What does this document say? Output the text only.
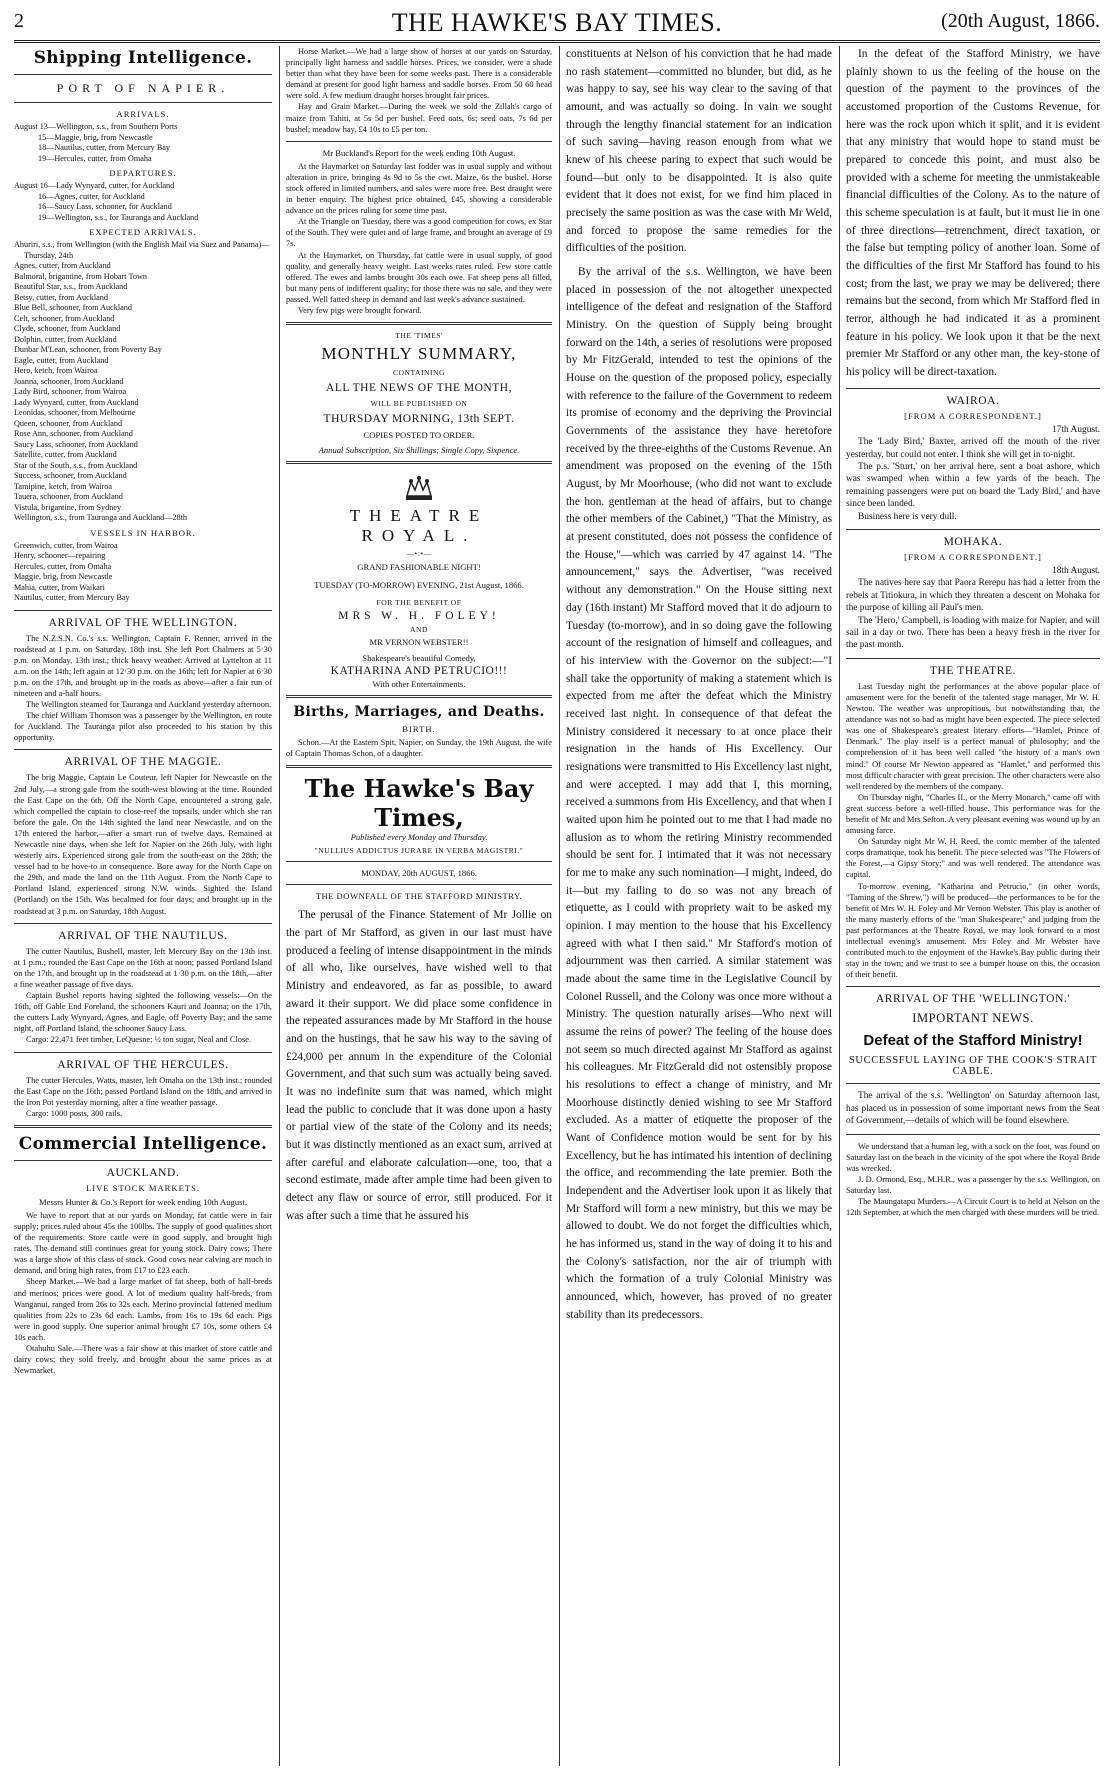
2	THE HAWKE'S BAY TIMES.	(20th August, 1866.
Shipping Intelligence.
PORT OF NAPIER.
ARRIVALS.
August 13—Wellington, s.s., from Southern Ports
15—Maggie, brig, from Newcastle
18—Nautilus, cutter, from Mercury Bay
19—Hercules, cutter, from Omaha
DEPARTURES.
August 16—Lady Wynyard, cutter, for Auckland
16—Agnes, cutter, for Auckland
16—Saucy Lass, schooner, for Auckland
19—Wellington, s.s., for Tauranga and Auckland
EXPECTED ARRIVALS.
Ahuriri, s.s., from Wellington (with the English Mail via Suez and Panama)—Thursday, 24th
Agnes, cutter, from Auckland
Balmoral, brigantine, from Hobart Town
Beautiful Star, s.s., from Auckland
Betsy, cutter, from Auckland
Blue Bell, schooner, from Auckland
Celt, schooner, from Auckland
Clyde, schooner, from Auckland
Dolphin, cutter, from Auckland
Dunbar M'Lean, schooner, from Poverty Bay
Eagle, cutter, from Auckland
Hero, ketch, from Wairoa
Joanna, schooner, from Auckland
Lady Bird, schooner, from Wairoa
Lady Wynyard, cutter, from Auckland
Leonidas, schooner, from Melbourne
Queen, schooner, from Auckland
Rose Ann, schooner, from Auckland
Saucy Lass, schooner, from Auckland
Satellite, cutter, from Auckland
Star of the South, s.s., from Auckland
Success, schooner, from Auckland
Tamipine, ketch, from Wairoa
Tauera, schooner, from Auckland
Vistula, brigantine, from Sydney
Wellington, s.s., from Tauranga and Auckland—28th
VESSELS IN HARBOR.
Greenwich, cutter, from Wairoa
Henry, schooner—repairing
Hercules, cutter, from Omaha
Maggie, brig, from Newcastle
Mahia, cutter, from Waikari
Nautilus, cutter, from Mercury Bay
ARRIVAL OF THE WELLINGTON.

The N.Z.S.N. Co.'s s.s. Wellington, Captain F. Renner, arrived in the roadstead at 1 p.m. on Saturday, 18th inst. She left Port Chalmers at 5·30 p.m. on Monday, 13th inst.; thick heavy weather. Arrived at Lyttelton at 11 a.m. on the 14th; left again at 12·30 p.m. on the 16th; left for Napier at 6·30 p.m. on the 17th, and brought up in the roads as above—after a fair run of nineteen and a-half hours.

The Wellington steamed for Tauranga and Auckland yesterday afternoon.

The chief William Thomson was a passenger by the Wellington, en route for Auckland. The Tauranga pilot also proceeded to his station by this opportunity.

ARRIVAL OF THE MAGGIE.

The brig Maggie, Captain Le Couteur, left Napier for Newcastle on the 2nd July,—a strong gale from the south-west blowing at the time. Rounded the East Cape on the 6th. Off the North Cape, encountered a strong gale, which compelled the captain to close-reef the topsails, under which she ran before the gale. On the 14th sighted the land near Newcastle, and on the 17th entered the harbor,—after a smart run of twelve days. Remained at Newcastle nine days, when she left for Napier on the 26th July, with light westerly airs. Experienced strong gale from the south-east on the 28th; the vessel had to be hove-to in consequence. Bore away for the North Cape on the 29th, and made the land on the 11th August. From the North Cape to Portland Island, experienced strong N.W. winds. Sighted the Island (Portland) on the 15th. Was becalmed for four days; and brought up in the roadstead at 3 p.m. on Saturday, 18th August.

ARRIVAL OF THE NAUTILUS.

The cutter Nautilus, Bushell, master, left Mercury Bay on the 13th inst. at 1 p.m.; rounded the East Cape on the 16th at noon; passed Portland Island on the 17th, and brought up in the roadstead at 1·30 p.m. on the 18th,—after a fine weather passage of five days.

Captain Bushel reports having sighted the following vessels:—On the 16th, off Gable End Foreland, the schooners Kauri and Joanna; on the 17th, the cutters Lady Wynyard, Agnes, and Eagle, off Poverty Bay; and the same night, off Portland Island, the schooner Saucy Lass.

Cargo: 22,471 feet timber, LeQuesne; ½ ton sugar, Neal and Close.

ARRIVAL OF THE HERCULES.

The cutter Hercules, Watts, master, left Omaha on the 13th inst.; rounded the East Cape on the 16th; passed Portland Island on the 18th, and arrived in the Iron Pot yesterday morning, after a fine weather passage.

Cargo: 1000 posts, 300 rails.

Commercial Intelligence.
AUCKLAND.
LIVE STOCK MARKETS.
Messrs Hunter & Co.'s Report for week ending 10th August.

We have to report that at our yards on Monday, fat cattle were in fair supply; prices ruled about 45s the 100lbs. The supply of good qualities short of the requirements. Store cattle were in good supply, and brought high rates. The demand still continues great for young stock. Dairy cows; There was a large show of this class of stock. Good cows near calving are much in demand, and bring high rates, from £17 to £23 each.

Sheep Market.—We had a large market of fat sheep, both of half-breds and merinos; prices were good. A lot of medium quality half-breds, from Wanganui, ranged from 26s to 32s each. Merino provincial fattened medium qualities from 22s to 23s 6d each. Lambs, from 16s to 19s 6d each. Pigs were in good supply. One superior animal brought £7 10s, some others £4 10s each.

Otahuhu Sale.—There was a fair show at this market of store cattle and dairy cows; they sold freely, and brought about the same prices as at Newmarket.

Horse Market.—We had a large show of horses at our yards on Saturday, principally light harness and saddle horses. Prices, we consider, were a shade better than what they have been for some weeks past. There is a considerable demand at present for good light harness and saddle horses. From 50 60 head were sold. A few medium draught horses brought fair prices.

Hay and Grain Market.—During the week we sold the Zillah's cargo of maize from Tahiti, at 5s 5d per bushel. Feed oats, 6s; seed oats, 7s 6d per bushel; meadow hay, £4 10s to £5 per ton.

Mr Buckland's Report for the week ending 10th August.

At the Haymarket on Saturday last fodder was in usual supply and without alteration in price, bringing 4s 9d to 5s the cwt. Maize, 6s the bushel. Horse stock offered in limited numbers, and sales were more free. Best draught were in better enquiry. The highest price obtained, £45, showing a considerable advance on the prices ruling for some time past.

At the Triangle on Tuesday, there was a good competition for cows, ex Star of the South. They were quiet and of large frame, and brought an average of £9 7s.

At the Haymarket, on Thursday, fat cattle were in usual supply, of good quality, and generally heavy weight. Last weeks rates ruled. Few store cattle offered. The ewes and lambs brought 30s each owe. Fat sheep pens all filled, but many pens of indifferent quality; for those there was no sale, and they were passed. Well fatted sheep in demand and last week's advance sustained.

Very few pigs were brought forward.

THE 'TIMES'

MONTHLY SUMMARY,

CONTAINING

ALL THE NEWS OF THE MONTH,

WILL BE PUBLISHED ON

THURSDAY MORNING, 13th SEPT.

COPIES POSTED TO ORDER.

Annual Subscription, Six Shillings; Single Copy, Sixpence.

THEATRE ROYAL.

—•:•—

GRAND FASHIONABLE NIGHT!

TUESDAY (TO-MORROW) EVENING, 21st August, 1866.

FOR THE BENEFIT OF

MRS W. H. FOLEY!

AND

MR VERNON WEBSTER!!

Shakespeare's beautiful Comedy,

KATHARINA AND PETRUCIO!!!

With other Entertainments.

Births, Marriages, and Deaths.
BIRTH.

Schon.—At the Eastern Spit, Napier, on Sunday, the 19th August, the wife of Captain Thomas Schon, of a daughter.

The Hawke's Bay Times,

Published every Monday and Thursday.

"NULLIUS ADDICTUS JURARE IN VERBA MAGISTRI."

MONDAY, 20th AUGUST, 1866.

THE DOWNFALL OF THE STAFFORD MINISTRY.

The perusal of the Finance Statement of Mr Jollie on the part of Mr Stafford, as given in our last must have produced a feeling of intense disappointment in the minds of all who, like ourselves, have wished well to that Ministry and endeavored, as far as possible, to award award it their support. We did place some confidence in the repeated assurances made by Mr Stafford in the house and on the hustings, that he saw his way to the saving of £24,000 per annum in the expenditure of the Colonial Government, and that such sum was actually being saved. It was no indefinite sum that was named, which might lead the public to conclude that it was done upon a hasty or partial view of the state of the Colony and its needs; but it was distinctly mentioned as an exact sum, arrived at after careful and elaborate calculation—one, too, that a second estimate, made after ample time had been given to detect any flaw or source of error, still produced. For it was after such a time that he assured his

constituents at Nelson of his conviction that he had made no rash statement—committed no blunder, but did, as he was happy to say, see his way clear to the saving of that amount, and was actually so doing. In vain we sought through the lengthy financial statement for an indication of such saving—having reason enough from what we knew of his cheese paring to expect that such would be found—but only to be disappointed. It is also quite evident that it does not exist, for we find him placed in precisely the same position as was the case with Mr Weld, and forced to propose the same remedies for the difficulties of the position.

By the arrival of the s.s. Wellington, we have been placed in possession of the not altogether unexpected intelligence of the defeat and resignation of the Stafford Ministry. On the question of Supply being brought forward on the 14th, a series of resolutions were proposed by Mr FitzGerald, intended to test the opinions of the House on the question of the proposed policy, especially with reference to the failure of the Government to redeem its promise of economy and the depriving the Provincial Governments of the assistance they have heretofore received by the three-eighths of the Customs Revenue. An amendment was proposed on the evening of the 15th August, by Mr Moorhouse, (who did not want to exclude the hon. gentleman at the head of affairs, but to change the other members of the Cabinet,) "That the Ministry, as at present constituted, does not possess the confidence of the House,"—which was carried by 47 against 14. "The announcement," says the Advertiser, "was received without any demonstration." On the House sitting next day (16th instant) Mr Stafford moved that it do adjourn to Tuesday (to-morrow), and in so doing gave the following account of the resignation of himself and colleagues, and of his interview with the Governor on the subject:—"I shall take the opportunity of making a statement which is expected from me after the defeat which the Ministry received last night. In consequence of that defeat the Ministry considered it necessary to at once place their resignation in the hands of His Excellency. Our resignations were transmitted to His Excellency last night, and were accepted. I may add that I, this morning, received a summons from His Excellency, and that when I waited upon him he pointed out to me that I had made no allusion as to whom the retiring Ministry recommended should be sent for. I intimated that it was not necessary for me to make any such nomination—I might, indeed, do it—but my failing to do so was not any breach of etiquette, as I could with propriety wait to be asked my opinion. I may mention to the house that his Excellency agreed with what I then said." Mr Stafford's motion of adjournment was then carried. A similar statement was made about the same time in the Legislative Council by Colonel Russell, and the Colony was once more without a Ministry. The question naturally arises—Who next will assume the reins of power? The feeling of the house does not seem so much directed against Mr Stafford as against his colleagues. Mr FitzGerald did not ostensibly propose his resolutions to effect a change of ministry, and Mr Moorhouse distinctly denied wishing to see Mr Stafford excluded. As a matter of etiquette the proposer of the Want of Confidence motion would be sent for by his Excellency, but he has intimated his intention of declining the office, and recommending the late premier. Both the Independent and the Advertiser look upon it as likely that Mr Stafford will form a new ministry, but this we may be allowed to doubt. We do not forget the difficulties which, he has informed us, stand in the way of doing it to his and the Colony's satisfaction, nor the air of triumph with which the formation of a truly Colonial Ministry was announced, which, however, has proved of no greater stability than its predecessors.

In the defeat of the Stafford Ministry, we have plainly shown to us the feeling of the house on the question of the payment to the provinces of the accustomed proportion of the Customs Revenue, for here was the rock upon which it split, and it is evident that any ministry that would hope to stand must be prepared to concede this point, and must also be provided with a scheme for meeting the unmistakeable financial difficulties of the Colony. As to the nature of this scheme speculation is at fault, but it must lie in one of three directions—retrenchment, direct taxation, or the false but tempting policy of another loan. Some of the difficulties of the first Mr Stafford has found to his cost; from the last, we pray we may be delivered; there remains but the second, from which Mr Stafford fled in terror, although he had indicated it as a prominent feature in his policy. We look upon it that be the next premier Mr Stafford or any other man, the key-stone of his policy will be direct-taxation.

WAIROA.
[FROM A CORRESPONDENT.]

17th August.

The 'Lady Bird,' Baxter, arrived off the mouth of the river yesterday, but could not enter. I think she will get in to-night.

The p.s. 'Sturt,' on her arrival here, sent a boat ashore, which was swamped when within a few yards of the beach. The remaining passengers were put on board the 'Lady Bird,' and have since been landed.

Business here is very dull.

MOHAKA.
[FROM A CORRESPONDENT.]

18th August.

The natives here say that Paora Rerepu has had a letter from the rebels at Titiokura, in which they threaten a descent on Mohaka for the purpose of killing all Paul's men.

The 'Hero,' Campbell, is loading with maize for Napier, and will sail in a day or two. There has been a heavy fresh in the river for the past month.

THE THEATRE.

Last Tuesday night the performances at the above popular place of amusement were for the benefit of the talented stage manager, Mr W. H. Newton. The weather was unpropitious, but notwithstanding that, the attendance was not so bad as might have been expected. The piece selected was one of Shakespeare's greatest literary efforts—"Hamlet, Prince of Denmark." The play itself is a perfect manual of philosophy; and the comprehension of it has been well called "the history of a man's own mind." Of course Mr Newton appeared as "Hamlet," and performed this most difficult character with great precision. The other characters were also well rendered by the members of the company.

On Thursday night, "Charles II., or the Merry Monarch," came off with great success before a well-filled house. This performance was for the benefit of Mr and Mrs Sefton. A very pleasant evening was wound up by an amusing farce.

On Saturday night Mr W. H. Reed, the comic member of the talented corps dramatique, took his benefit. The piece selected was "The Flowers of the Forest,—a Gipsy Story;" and was well rendered. The attendance was capital.

To-morrow evening, "Katharina and Petrucio," (in other words, "Taming of the Shrew,") will be produced—the performances to be for the benefit of Mrs W. H. Foley and Mr Vernon Webster. This play is another of the many masterly efforts of the "man Shakespeare;" and judging from the past performances at the Theatre Royal, we may look forward to a most intellectual evening's amusement. Mrs Foley and Mr Webster have contributed much to the enjoyment of the Hawke's Bay public during their stay in the town; and we trust to see a bumper house on this, the occasion of their benefit.

ARRIVAL OF THE 'WELLINGTON.'
IMPORTANT NEWS.
Defeat of the Stafford Ministry!
SUCCESSFUL LAYING OF THE COOK'S STRAIT CABLE.

The arrival of the s.s. 'Wellington' on Saturday afternoon last, has placed us in possession of some important news from the Seat of Government,—details of which will be found elsewhere.

We understand that a human leg, with a sock on the foot, was found on Saturday last on the beach in the vicinity of the spot where the Royal Bride was wrecked.

J. D. Ormond, Esq., M.H.R., was a passenger by the s.s. Wellington, on Saturday last.

The Maungatapu Murders.—A Circuit Court is to held at Nelson on the 12th September, at which the men charged with these murders will be tried.
